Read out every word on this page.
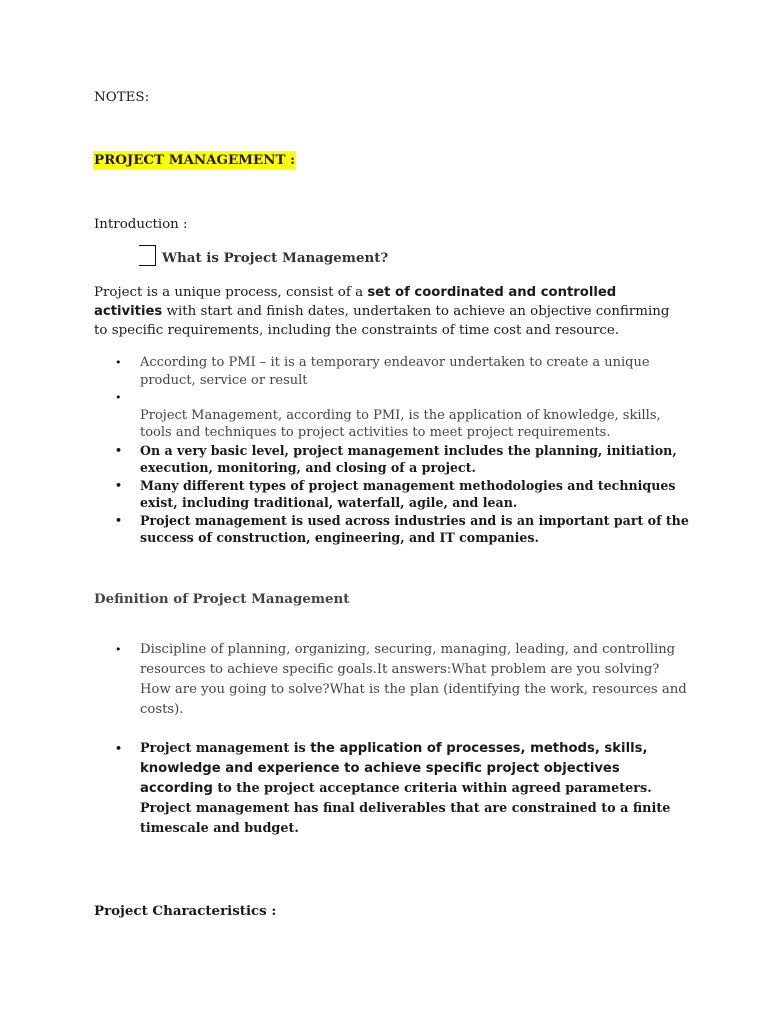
NOTES:
PROJECT MANAGEMENT :
Introduction :
What is Project Management?
Project is a unique process, consist of a set of coordinated and controlled
activities with start and finish dates, undertaken to achieve an objective confirming to specific requirements, including the constraints of time cost and resource.
• According to PMI – it is a temporary endeavor undertaken to create a unique product, service or result

• Project Management, according to PMI, is the application of knowledge, skills, tools and techniques to project activities to meet project requirements.
• On a very basic level, project management includes the planning, initiation, execution, monitoring, and closing of a project.
• Many different types of project management methodologies and techniques exist, including traditional, waterfall, agile, and lean.
• Project management is used across industries and is an important part of the success of construction, engineering, and IT companies.
Definition of Project Management
• Discipline of planning, organizing, securing, managing, leading, and controlling resources to achieve specific goals.It answers:What problem are you solving? How are you going to solve?What is the plan (identifying the work, resources and costs).
• Project management is the application of processes, methods, skills, knowledge and experience to achieve specific project objectives according to the project acceptance criteria within agreed parameters. Project management has final deliverables that are constrained to a finite timescale and budget.
Project Characteristics :
